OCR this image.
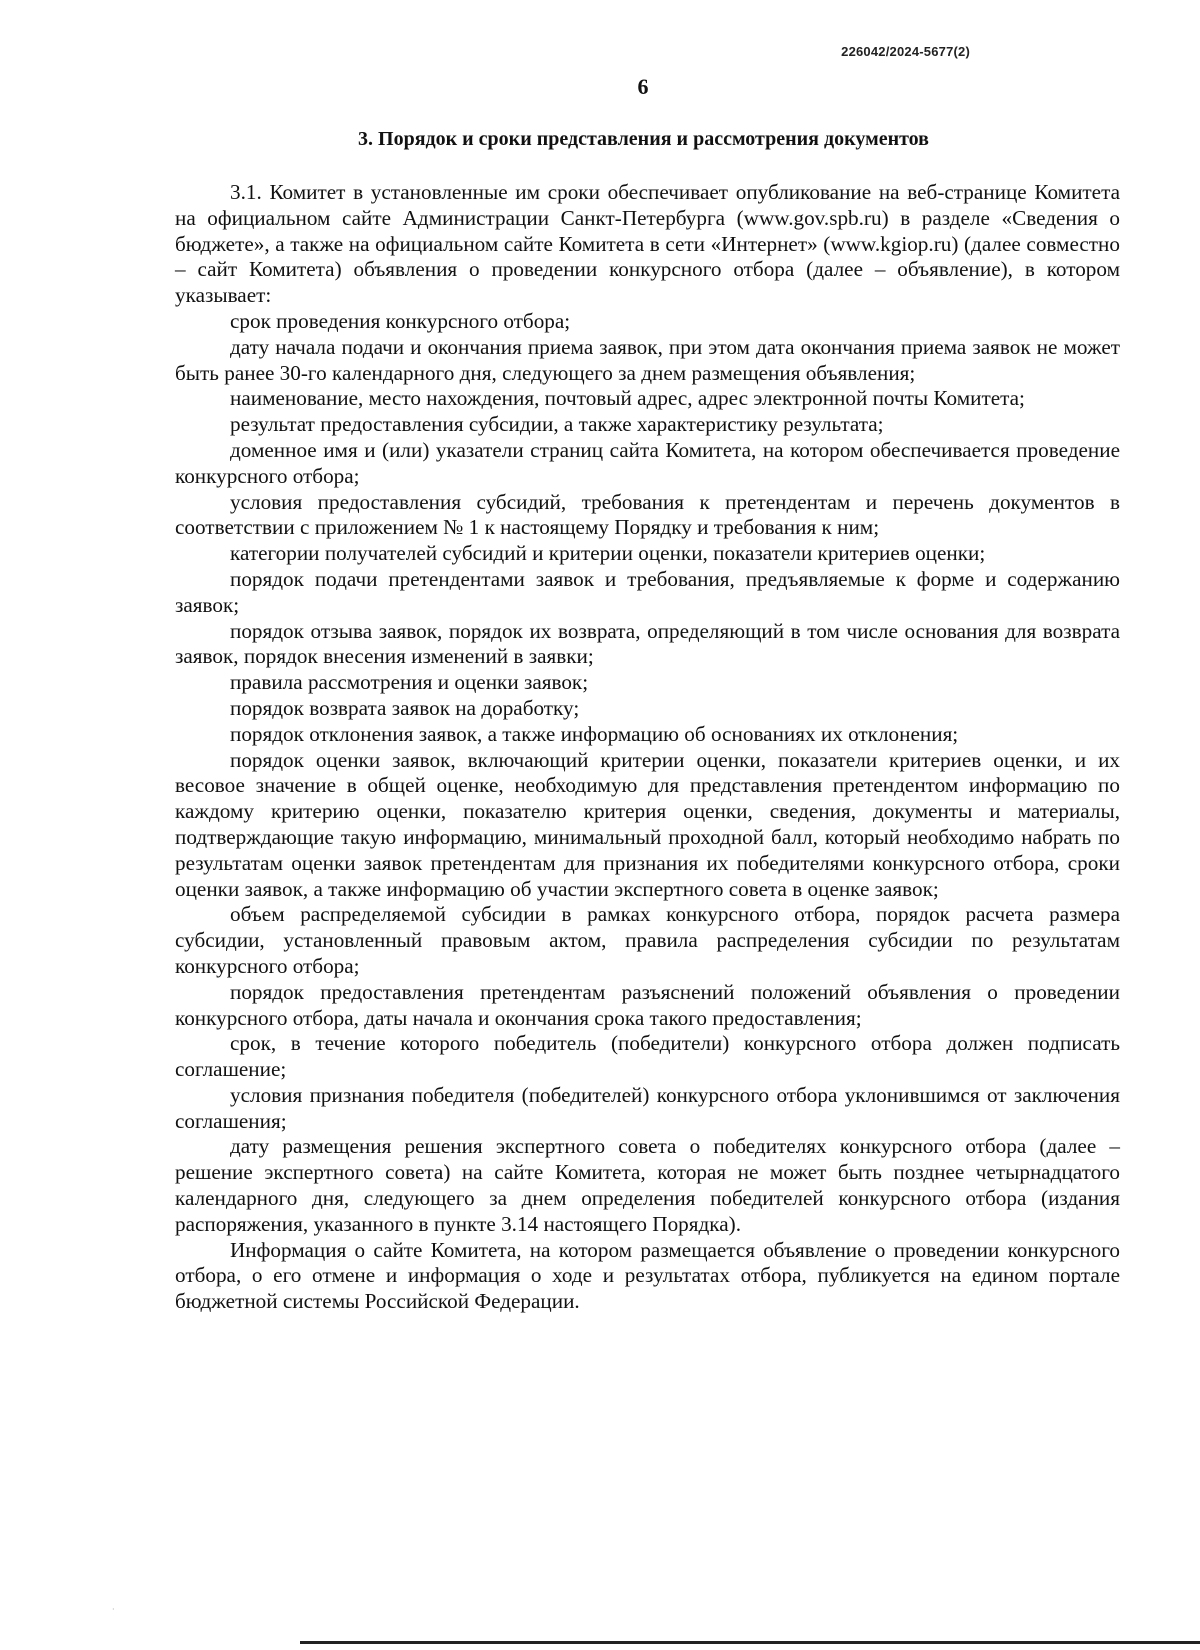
226042/2024-5677(2)
6
3. Порядок и сроки представления и рассмотрения документов

3.1. Комитет в установленные им сроки обеспечивает опубликование на веб-странице Комитета на официальном сайте Администрации Санкт-Петербурга (www.gov.spb.ru) в разделе «Сведения о бюджете», а также на официальном сайте Комитета в сети «Интернет» (www.kgiop.ru) (далее совместно – сайт Комитета) объявления о проведении конкурсного отбора (далее – объявление), в котором указывает:

срок проведения конкурсного отбора;

дату начала подачи и окончания приема заявок, при этом дата окончания приема заявок не может быть ранее 30-го календарного дня, следующего за днем размещения объявления;

наименование, место нахождения, почтовый адрес, адрес электронной почты Комитета;

результат предоставления субсидии, а также характеристику результата;

доменное имя и (или) указатели страниц сайта Комитета, на котором обеспечивается проведение конкурсного отбора;

условия предоставления субсидий, требования к претендентам и перечень документов в соответствии с приложением № 1 к настоящему Порядку и требования к ним;

категории получателей субсидий и критерии оценки, показатели критериев оценки;

порядок подачи претендентами заявок и требования, предъявляемые к форме и содержанию заявок;

порядок отзыва заявок, порядок их возврата, определяющий в том числе основания для возврата заявок, порядок внесения изменений в заявки;

правила рассмотрения и оценки заявок;

порядок возврата заявок на доработку;

порядок отклонения заявок, а также информацию об основаниях их отклонения;

порядок оценки заявок, включающий критерии оценки, показатели критериев оценки, и их весовое значение в общей оценке, необходимую для представления претендентом информацию по каждому критерию оценки, показателю критерия оценки, сведения, документы и материалы, подтверждающие такую информацию, минимальный проходной балл, который необходимо набрать по результатам оценки заявок претендентам для признания их победителями конкурсного отбора, сроки оценки заявок, а также информацию об участии экспертного совета в оценке заявок;

объем распределяемой субсидии в рамках конкурсного отбора, порядок расчета размера субсидии, установленный правовым актом, правила распределения субсидии по результатам конкурсного отбора;

порядок предоставления претендентам разъяснений положений объявления о проведении конкурсного отбора, даты начала и окончания срока такого предоставления;

срок, в течение которого победитель (победители) конкурсного отбора должен подписать соглашение;

условия признания победителя (победителей) конкурсного отбора уклонившимся от заключения соглашения;

дату размещения решения экспертного совета о победителях конкурсного отбора (далее – решение экспертного совета) на сайте Комитета, которая не может быть позднее четырнадцатого календарного дня, следующего за днем определения победителей конкурсного отбора (издания распоряжения, указанного в пункте 3.14 настоящего Порядка).

Информация о сайте Комитета, на котором размещается объявление о проведении конкурсного отбора, о его отмене и информация о ходе и результатах отбора, публикуется на едином портале бюджетной системы Российской Федерации.

·
